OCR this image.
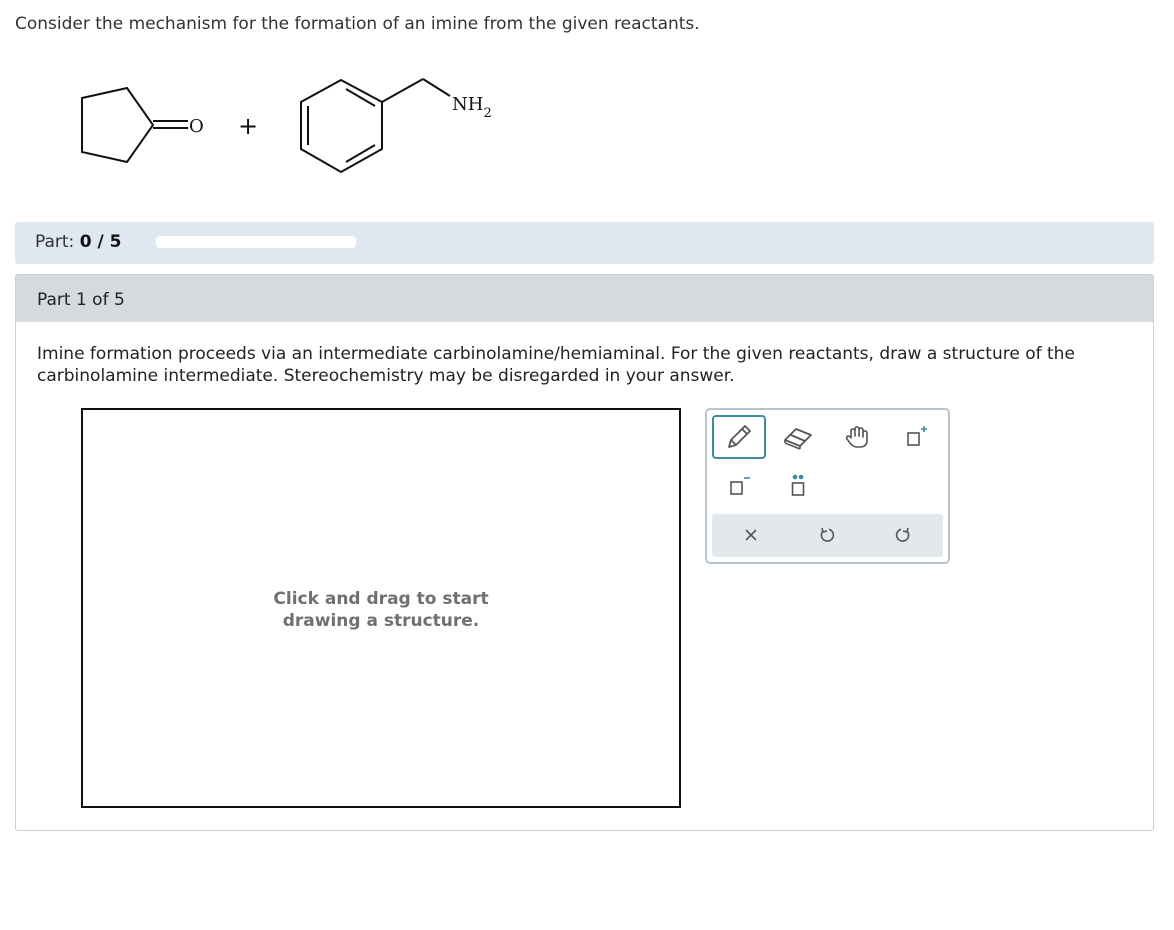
Consider the mechanism for the formation of an imine from the given reactants.
O +
$NH_2$
Part: 0 / 5
Part 1 of 5
Imine formation proceeds via an intermediate carbinolamine/hemiaminal. For the given reactants, draw a structure of the carbinolamine intermediate. Stereochemistry may be disregarded in your answer.
Click and drag to start
drawing a structure.
